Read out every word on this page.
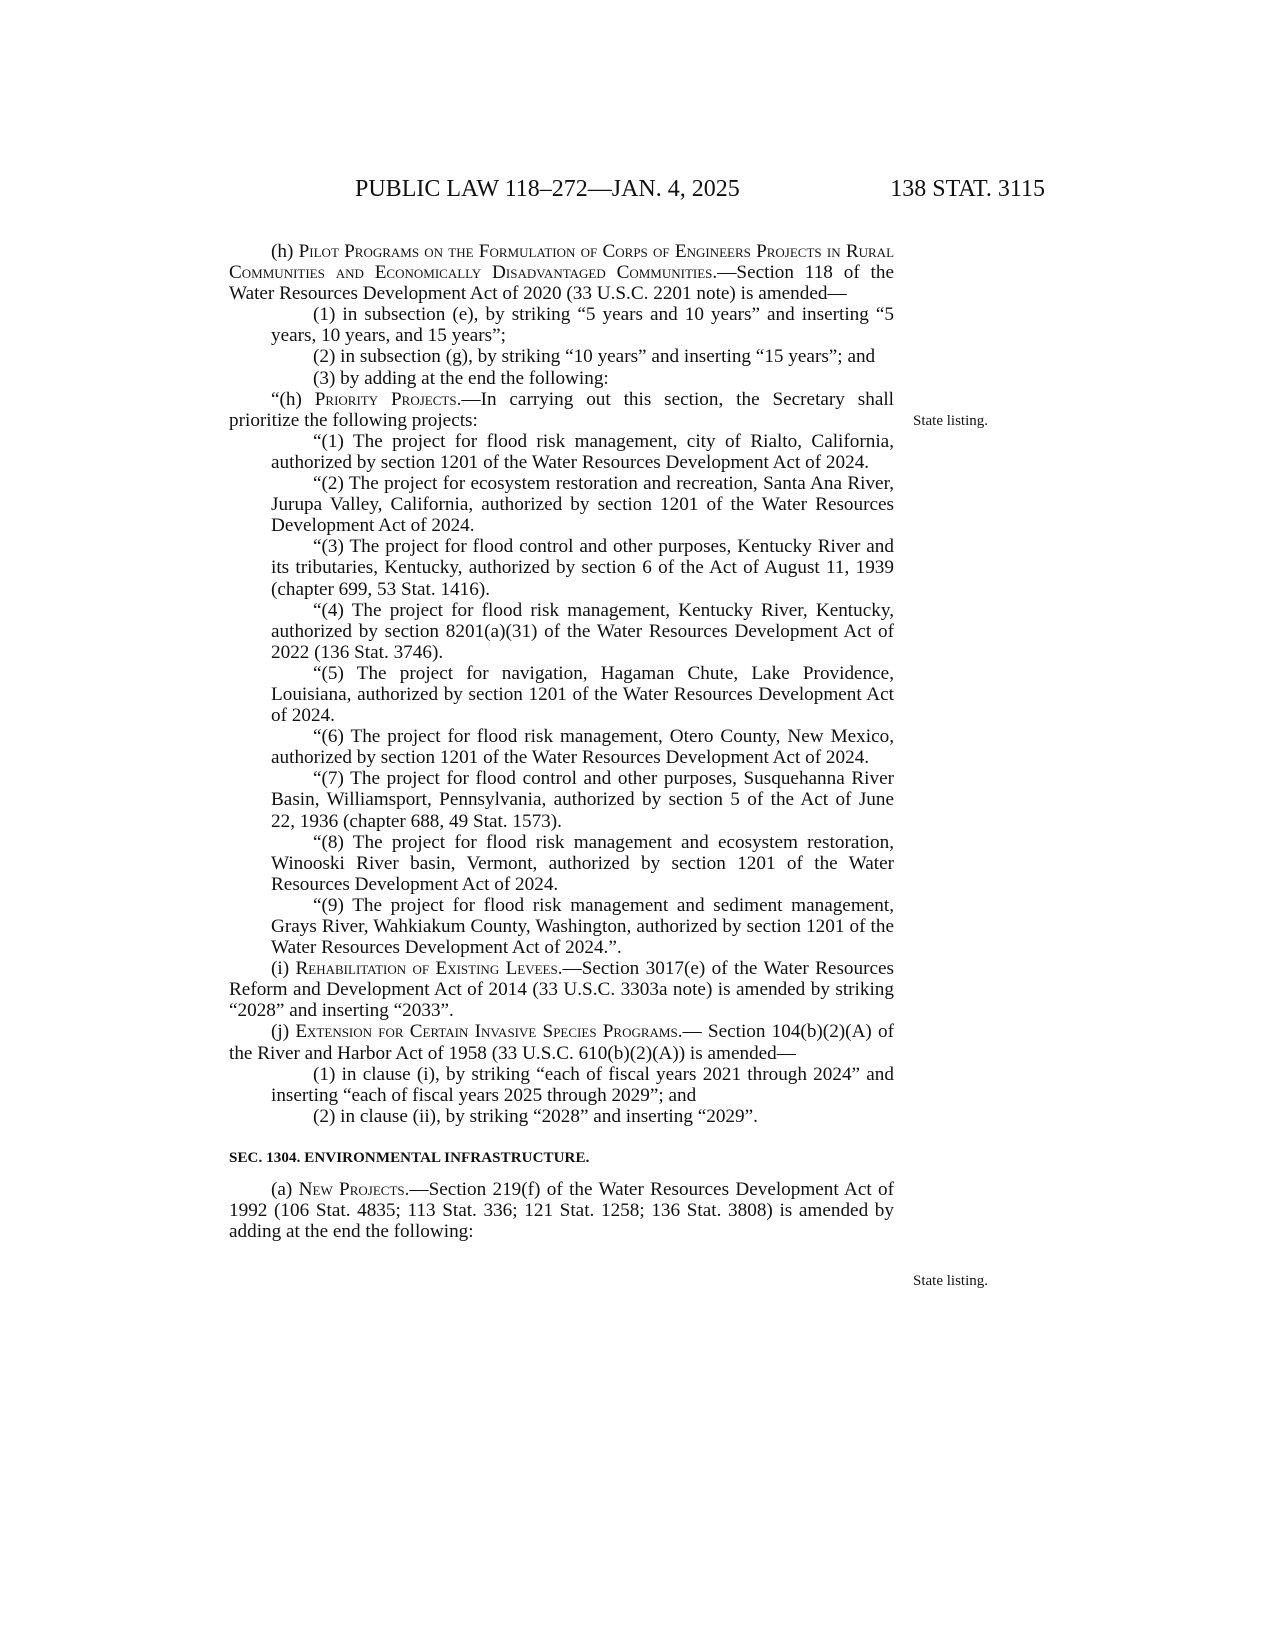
PUBLIC LAW 118–272—JAN. 4, 2025	138 STAT. 3115
State listing.
State listing.

(h) Pilot Programs on the Formulation of Corps of Engineers Projects in Rural Communities and Economically Disadvantaged Communities.—Section 118 of the Water Resources Development Act of 2020 (33 U.S.C. 2201 note) is amended—

(1) in subsection (e), by striking “5 years and 10 years” and inserting “5 years, 10 years, and 15 years”;

(2) in subsection (g), by striking “10 years” and inserting “15 years”; and

(3) by adding at the end the following:

“(h) Priority Projects.—In carrying out this section, the Secretary shall prioritize the following projects:

“(1) The project for flood risk management, city of Rialto, California, authorized by section 1201 of the Water Resources Development Act of 2024.

“(2) The project for ecosystem restoration and recreation, Santa Ana River, Jurupa Valley, California, authorized by section 1201 of the Water Resources Development Act of 2024.

“(3) The project for flood control and other purposes, Kentucky River and its tributaries, Kentucky, authorized by section 6 of the Act of August 11, 1939 (chapter 699, 53 Stat. 1416).

“(4) The project for flood risk management, Kentucky River, Kentucky, authorized by section 8201(a)(31) of the Water Resources Development Act of 2022 (136 Stat. 3746).

“(5) The project for navigation, Hagaman Chute, Lake Providence, Louisiana, authorized by section 1201 of the Water Resources Development Act of 2024.

“(6) The project for flood risk management, Otero County, New Mexico, authorized by section 1201 of the Water Resources Development Act of 2024.

“(7) The project for flood control and other purposes, Susquehanna River Basin, Williamsport, Pennsylvania, authorized by section 5 of the Act of June 22, 1936 (chapter 688, 49 Stat. 1573).

“(8) The project for flood risk management and ecosystem restoration, Winooski River basin, Vermont, authorized by section 1201 of the Water Resources Development Act of 2024.

“(9) The project for flood risk management and sediment management, Grays River, Wahkiakum County, Washington, authorized by section 1201 of the Water Resources Development Act of 2024.”.

(i) Rehabilitation of Existing Levees.—Section 3017(e) of the Water Resources Reform and Development Act of 2014 (33 U.S.C. 3303a note) is amended by striking “2028” and inserting “2033”.

(j) Extension for Certain Invasive Species Programs.— Section 104(b)(2)(A) of the River and Harbor Act of 1958 (33 U.S.C. 610(b)(2)(A)) is amended—

(1) in clause (i), by striking “each of fiscal years 2021 through 2024” and inserting “each of fiscal years 2025 through 2029”; and

(2) in clause (ii), by striking “2028” and inserting “2029”.

SEC. 1304. ENVIRONMENTAL INFRASTRUCTURE.

(a) New Projects.—Section 219(f) of the Water Resources Development Act of 1992 (106 Stat. 4835; 113 Stat. 336; 121 Stat. 1258; 136 Stat. 3808) is amended by adding at the end the following:
